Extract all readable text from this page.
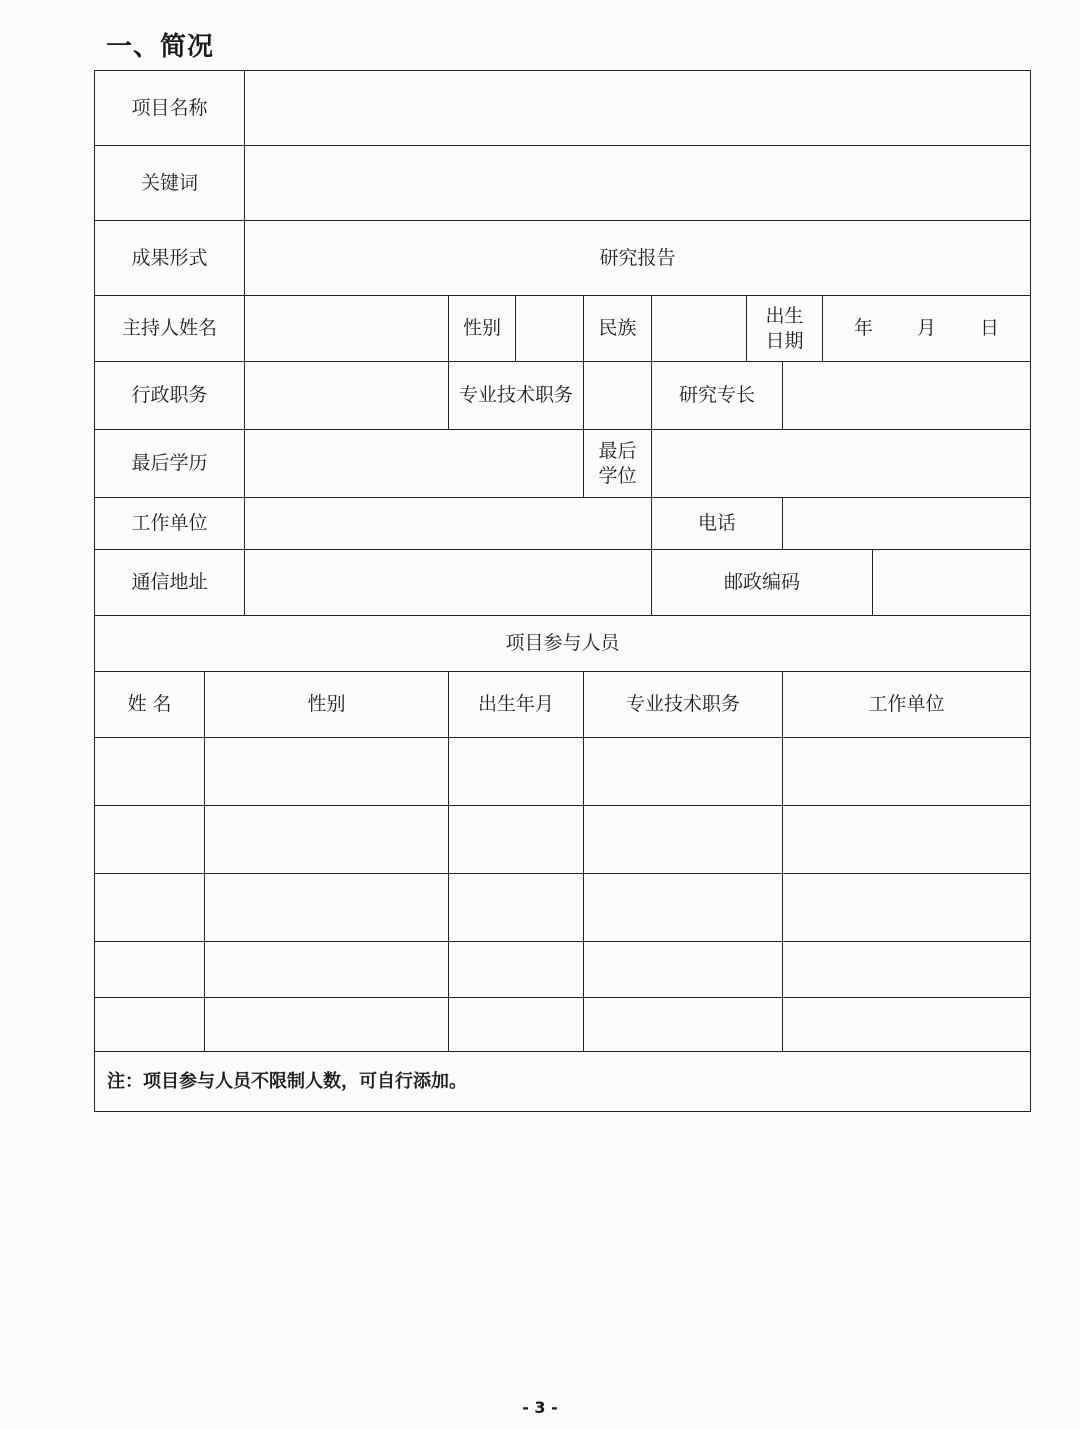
一、简况
项目名称										
关键词										
成果形式		研究报告								
主持人姓名			性别		民族		出生
日期		年 月 日	
行政职务			专业技术职务			研究专长				
最后学历					最后
学位					

工作单位						电话				
通信地址						邮政编码				
项目参与人员										
姓 名	性别		出生年月		专业技术职务			工作单位		

注：项目参与人员不限制人数，可自行添加。										
- 3 -
